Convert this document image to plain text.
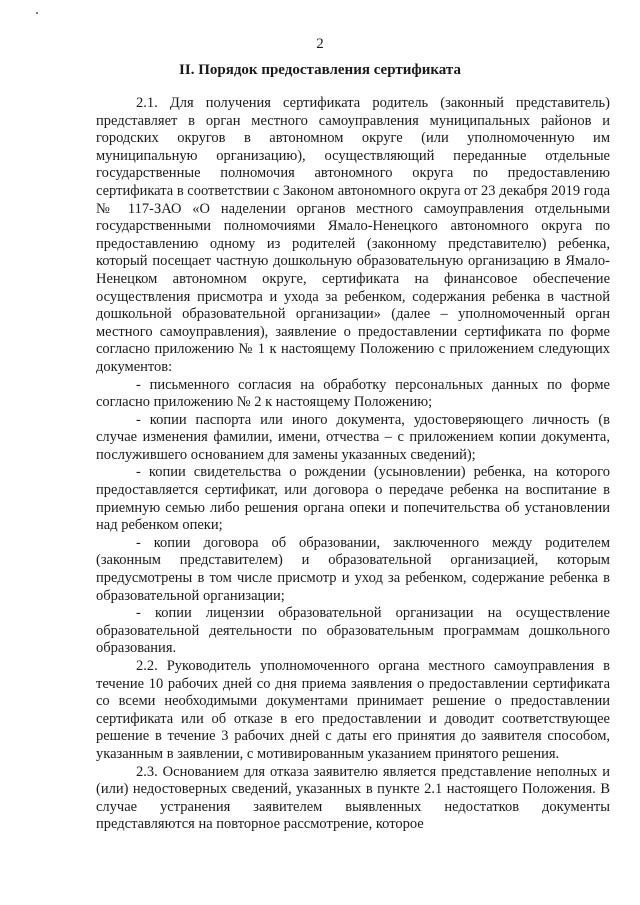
2
II. Порядок предоставления сертификата

2.1. Для получения сертификата родитель (законный представитель) представляет в орган местного самоуправления муниципальных районов и городских округов в автономном округе (или уполномоченную им муниципальную организацию), осуществляющий переданные отдельные государственные полномочия автономного округа по предоставлению сертификата в соответствии с Законом автономного округа от 23 декабря 2019 года № 117-ЗАО «О наделении органов местного самоуправления отдельными государственными полномочиями Ямало-Ненецкого автономного округа по предоставлению одному из родителей (законному представителю) ребенка, который посещает частную дошкольную образовательную организацию в Ямало-Ненецком автономном округе, сертификата на финансовое обеспечение осуществления присмотра и ухода за ребенком, содержания ребенка в частной дошкольной образовательной организации» (далее – уполномоченный орган местного самоуправления), заявление о предоставлении сертификата по форме согласно приложению № 1 к настоящему Положению с приложением следующих документов:

- письменного согласия на обработку персональных данных по форме согласно приложению № 2 к настоящему Положению;

- копии паспорта или иного документа, удостоверяющего личность (в случае изменения фамилии, имени, отчества – с приложением копии документа, послужившего основанием для замены указанных сведений);

- копии свидетельства о рождении (усыновлении) ребенка, на которого предоставляется сертификат, или договора о передаче ребенка на воспитание в приемную семью либо решения органа опеки и попечительства об установлении над ребенком опеки;

- копии договора об образовании, заключенного между родителем (законным представителем) и образовательной организацией, которым предусмотрены в том числе присмотр и уход за ребенком, содержание ребенка в образовательной организации;

- копии лицензии образовательной организации на осуществление образовательной деятельности по образовательным программам дошкольного образования.

2.2. Руководитель уполномоченного органа местного самоуправления в течение 10 рабочих дней со дня приема заявления о предоставлении сертификата со всеми необходимыми документами принимает решение о предоставлении сертификата или об отказе в его предоставлении и доводит соответствующее решение в течение 3 рабочих дней с даты его принятия до заявителя способом, указанным в заявлении, с мотивированным указанием принятого решения.

2.3. Основанием для отказа заявителю является представление неполных и (или) недостоверных сведений, указанных в пункте 2.1 настоящего Положения. В случае устранения заявителем выявленных недостатков документы представляются на повторное рассмотрение, которое
